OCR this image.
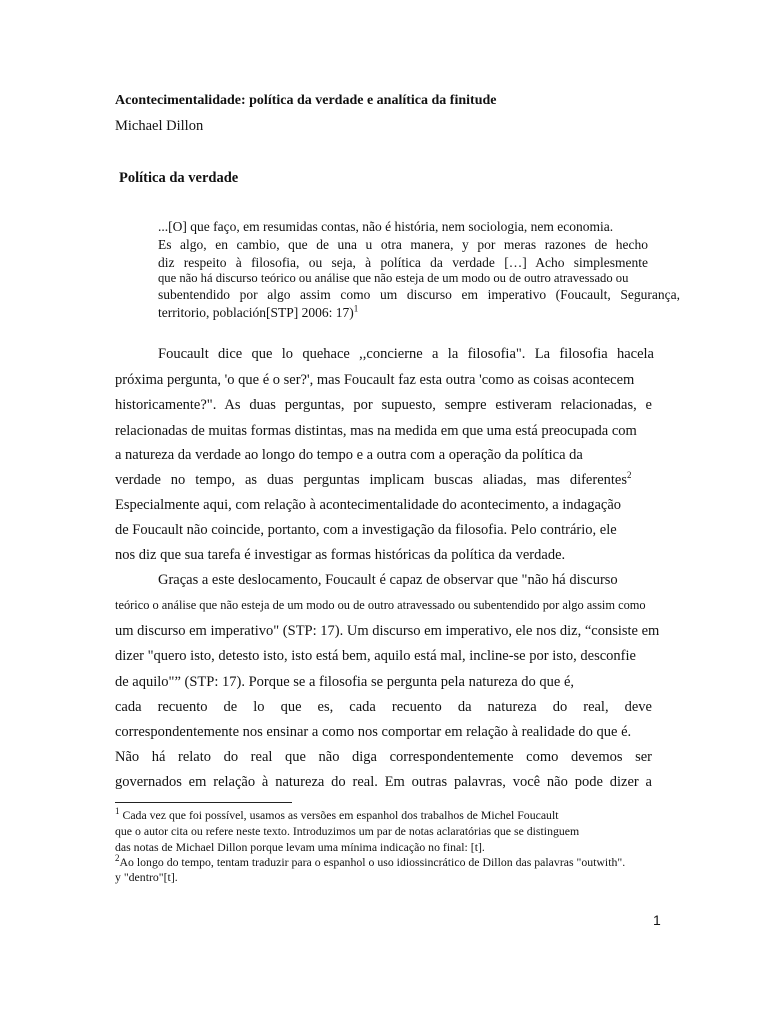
Acontecimentalidade: política da verdade e analítica da finitude
Michael Dillon
Política da verdade
...[O] que faço, em resumidas contas, não é história, nem sociologia, nem economia.
Es algo, en cambio, que de una u otra manera, y por meras razones de hecho
diz respeito à filosofia, ou seja, à política da verdade […] Acho simplesmente
que não há discurso teórico ou análise que não esteja de um modo ou de outro atravessado ou
subentendido por algo assim como um discurso em imperativo (Foucault, Segurança,
territorio, población[STP] 2006: 17)$^1$
Foucault dice que lo quehace ,,concierne a la filosofia". La filosofia hacela
próxima pergunta, 'o que é o ser?', mas Foucault faz esta outra 'como as coisas acontecem
historicamente?". As duas perguntas, por supuesto, sempre estiveram relacionadas, e
relacionadas de muitas formas distintas, mas na medida em que uma está preocupada com
a natureza da verdade ao longo do tempo e a outra com a operação da política da
verdade no tempo, as duas perguntas implicam buscas aliadas, mas diferentes$^2$
Especialmente aqui, com relação à acontecimentalidade do acontecimento, a indagação
de Foucault não coincide, portanto, com a investigação da filosofia. Pelo contrário, ele
nos diz que sua tarefa é investigar as formas históricas da política da verdade.
Graças a este deslocamento, Foucault é capaz de observar que "não há discurso
teórico o análise que não esteja de um modo ou de outro atravessado ou subentendido por algo assim como
um discurso em imperativo" (STP: 17). Um discurso em imperativo, ele nos diz, “consiste em
dizer "quero isto, detesto isto, isto está bem, aquilo está mal, incline-se por isto, desconfie
de aquilo"” (STP: 17). Porque se a filosofia se pergunta pela natureza do que é,
cada recuento de lo que es, cada recuento da natureza do real, deve
correspondentemente nos ensinar a como nos comportar em relação à realidade do que é.
Não há relato do real que não diga correspondentemente como devemos ser
governados em relação à natureza do real. Em outras palavras, você não pode dizer a
$^1$ Cada vez que foi possível, usamos as versões em espanhol dos trabalhos de Michel Foucault
que o autor cita ou refere neste texto. Introduzimos um par de notas aclaratórias que se distinguem
das notas de Michael Dillon porque levam uma mínima indicação no final: [t].
$^2$Ao longo do tempo, tentam traduzir para o espanhol o uso idiossincrático de Dillon das palavras "outwith".
y "dentro"[t].
1
